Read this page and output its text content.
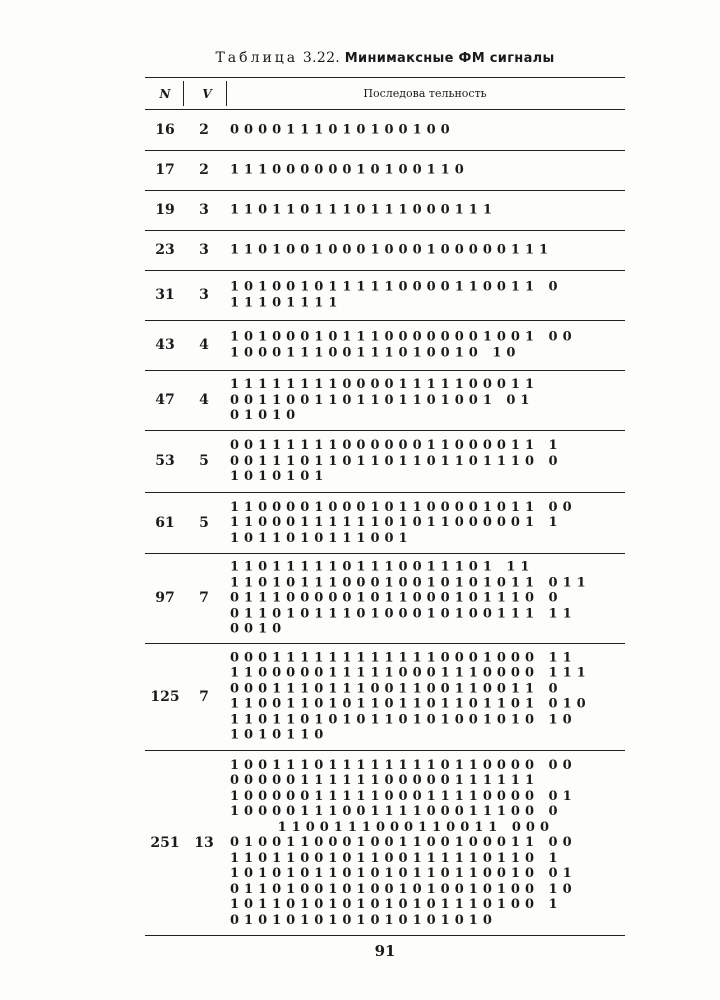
Таблица 3.22. Минимаксные ФМ сигналы
N	V	Последова тельность
16	2	0000111010100100
17	2	11100000010100110
19	3	1101101110111000111
23	3	11010010001000100000111
31	3	1010010111110000110011 0
11101111
43	4	1010001011100000001001 00
100011100111010010 10
47	4
1111111100001111100011
0011001101101101001 01
01010
53	5
0011111100000011000011 1
0011101101101101101110 0
1010101
61	5
1100001000101100001011 00
1100011111101011000001 1
1011010111001
97	7
1101111101110011101 11
1101011100010010101011 011
0111000001011000101110 0
0110101110100010100111 11
0010
125	7
0001111111111110001000 11
1100000111110001110000 111
0001110111001100110011 0
1100110101101101101101 010
1101101010110101001010 10
1010110
251	13
1001110111111110110000 00
0000011111100000111111
1000001111100011110000 01
1000011100111100011100 0
1100111000110011 000
0100110001001100100011 00
1101100101100111110110 1
1010101101010110110010 01
0110100101001010010100 10
1011010101010101110100 1
0101010101010101010
91
